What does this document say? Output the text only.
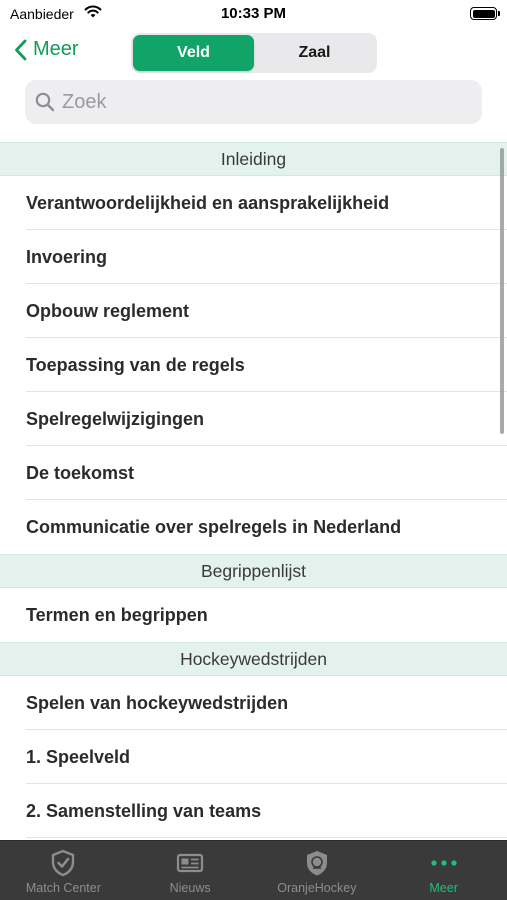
Aanbieder	10:33 PM
Meer	Veld	Zaal
Zoek
Inleiding
Verantwoordelijkheid en aansprakelijkheid
Invoering
Opbouw reglement
Toepassing van de regels
Spelregelwijzigingen
De toekomst
Communicatie over spelregels in Nederland
Begrippenlijst
Termen en begrippen
Hockeywedstrijden
Spelen van hockeywedstrijden
1. Speelveld
2. Samenstelling van teams
Match Center	Nieuws	OranjeHockey	Meer
